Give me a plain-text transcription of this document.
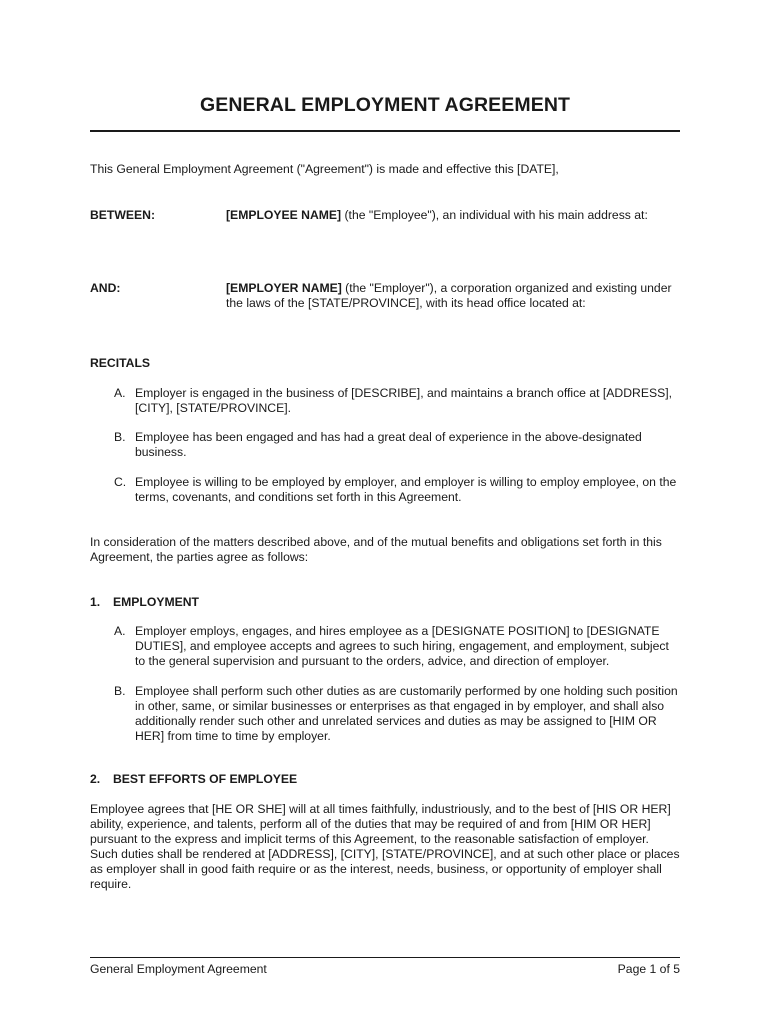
GENERAL EMPLOYMENT AGREEMENT
This General Employment Agreement ("Agreement") is made and effective this [DATE],
BETWEEN:	[EMPLOYEE NAME] (the "Employee"), an individual with his main address at:
AND:	[EMPLOYER NAME] (the "Employer"), a corporation organized and existing under the laws of the [STATE/PROVINCE], with its head office located at:
RECITALS
A. Employer is engaged in the business of [DESCRIBE], and maintains a branch office at [ADDRESS], [CITY], [STATE/PROVINCE].
B. Employee has been engaged and has had a great deal of experience in the above-designated business.
C. Employee is willing to be employed by employer, and employer is willing to employ employee, on the terms, covenants, and conditions set forth in this Agreement.
In consideration of the matters described above, and of the mutual benefits and obligations set forth in this Agreement, the parties agree as follows:
1. EMPLOYMENT
A. Employer employs, engages, and hires employee as a [DESIGNATE POSITION] to [DESIGNATE DUTIES], and employee accepts and agrees to such hiring, engagement, and employment, subject to the general supervision and pursuant to the orders, advice, and direction of employer.
B. Employee shall perform such other duties as are customarily performed by one holding such position in other, same, or similar businesses or enterprises as that engaged in by employer, and shall also additionally render such other and unrelated services and duties as may be assigned to [HIM OR HER] from time to time by employer.
2. BEST EFFORTS OF EMPLOYEE
Employee agrees that [HE OR SHE] will at all times faithfully, industriously, and to the best of [HIS OR HER] ability, experience, and talents, perform all of the duties that may be required of and from [HIM OR HER] pursuant to the express and implicit terms of this Agreement, to the reasonable satisfaction of employer. Such duties shall be rendered at [ADDRESS], [CITY], [STATE/PROVINCE], and at such other place or places as employer shall in good faith require or as the interest, needs, business, or opportunity of employer shall require.
General Employment Agreement	Page 1 of 5
